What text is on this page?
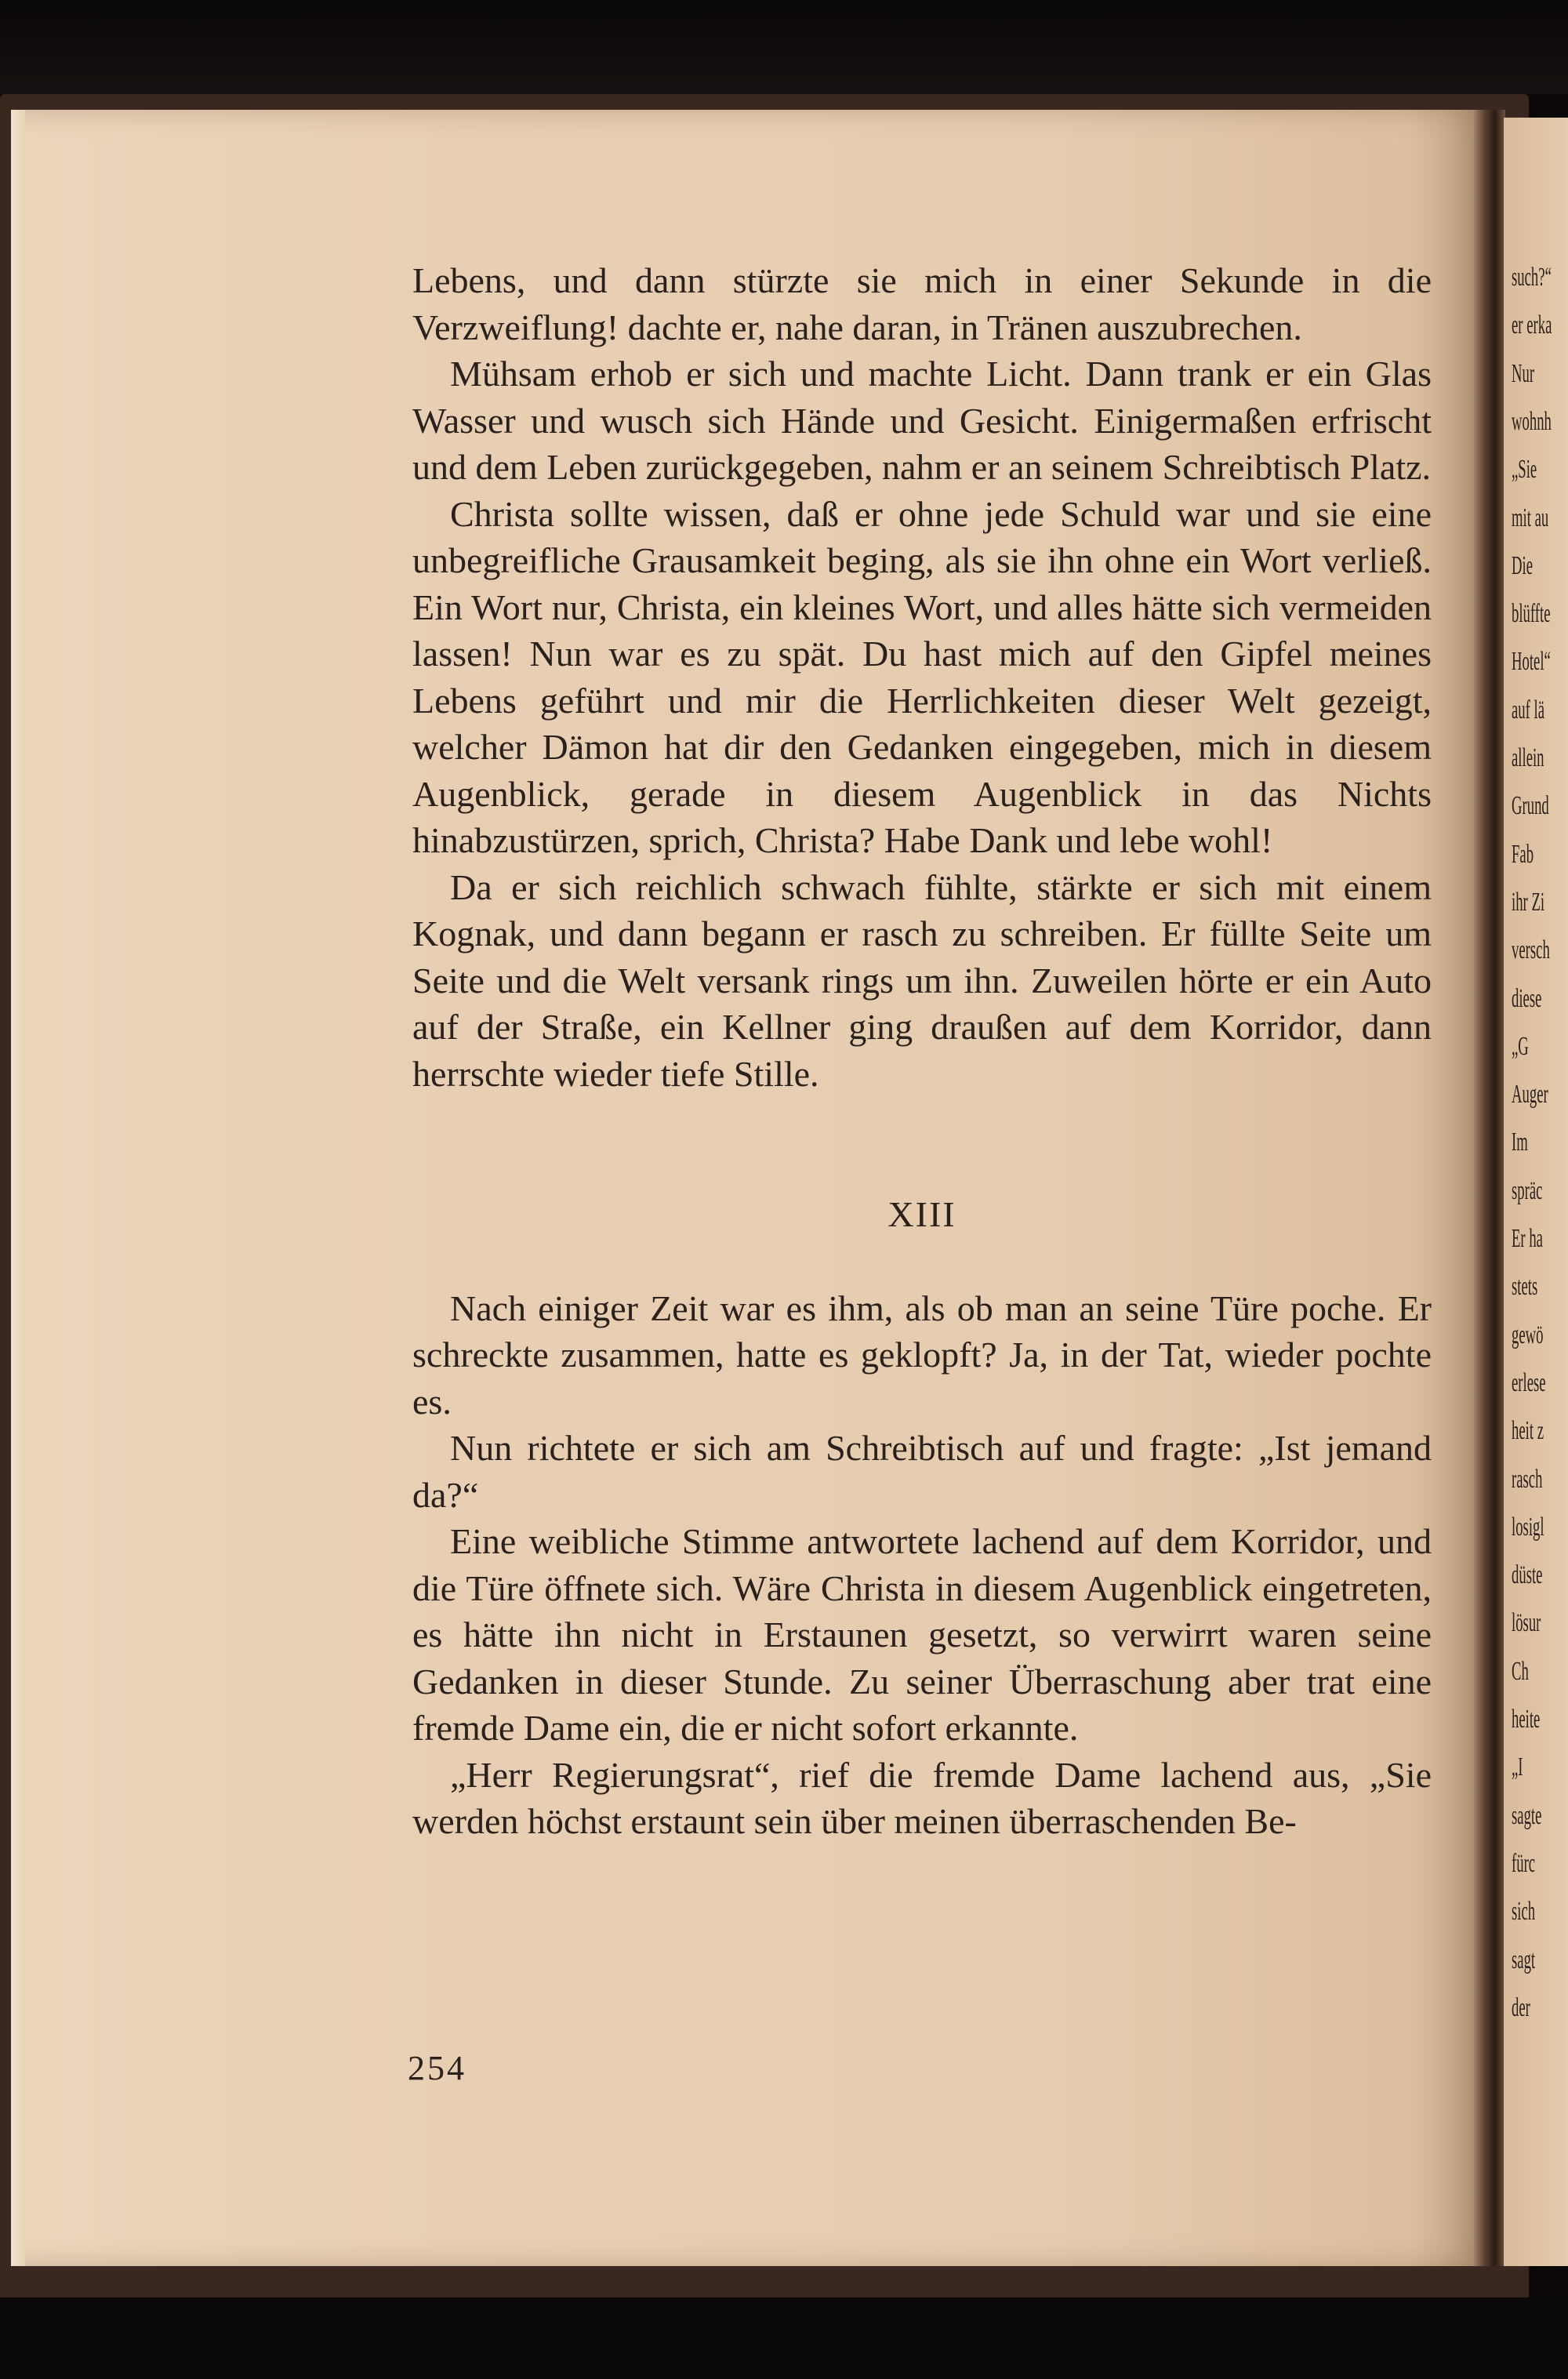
such?“
er erka
Nur
wohnh
„Sie
mit au
Die
blüffte
Hotel“
auf lä
allein
Grund
Fab
ihr Zi
versch
diese
„G
Auger
Im
spräc
Er ha
stets
gewö
erlese
heit z
rasch
losigl
düste
lösur
Ch
heite
„I
sagte
fürc
sich
sagt
der

Lebens, und dann stürzte sie mich in einer Sekunde in die Verzweiflung! dachte er, nahe daran, in Tränen auszubrechen.

Mühsam erhob er sich und machte Licht. Dann trank er ein Glas Wasser und wusch sich Hände und Gesicht. Einigermaßen erfrischt und dem Leben zurückgegeben, nahm er an seinem Schreibtisch Platz.

Christa sollte wissen, daß er ohne jede Schuld war und sie eine unbegreifliche Grausamkeit beging, als sie ihn ohne ein Wort verließ. Ein Wort nur, Christa, ein kleines Wort, und alles hätte sich vermeiden lassen! Nun war es zu spät. Du hast mich auf den Gipfel meines Lebens geführt und mir die Herrlichkeiten dieser Welt gezeigt, welcher Dämon hat dir den Gedanken eingegeben, mich in diesem Augenblick, gerade in diesem Augenblick in das Nichts hinabzustürzen, sprich, Christa? Habe Dank und lebe wohl!

Da er sich reichlich schwach fühlte, stärkte er sich mit einem Kognak, und dann begann er rasch zu schreiben. Er füllte Seite um Seite und die Welt versank rings um ihn. Zuweilen hörte er ein Auto auf der Straße, ein Kellner ging draußen auf dem Korridor, dann herrschte wieder tiefe Stille.

XIII

Nach einiger Zeit war es ihm, als ob man an seine Türe poche. Er schreckte zusammen, hatte es geklopft? Ja, in der Tat, wieder pochte es.

Nun richtete er sich am Schreibtisch auf und fragte: „Ist jemand da?“

Eine weibliche Stimme antwortete lachend auf dem Korridor, und die Türe öffnete sich. Wäre Christa in diesem Augenblick eingetreten, es hätte ihn nicht in Erstaunen gesetzt, so verwirrt waren seine Gedanken in dieser Stunde. Zu seiner Überraschung aber trat eine fremde Dame ein, die er nicht sofort erkannte.

„Herr Regierungsrat“, rief die fremde Dame lachend aus, „Sie werden höchst erstaunt sein über meinen überraschenden Be-

254
